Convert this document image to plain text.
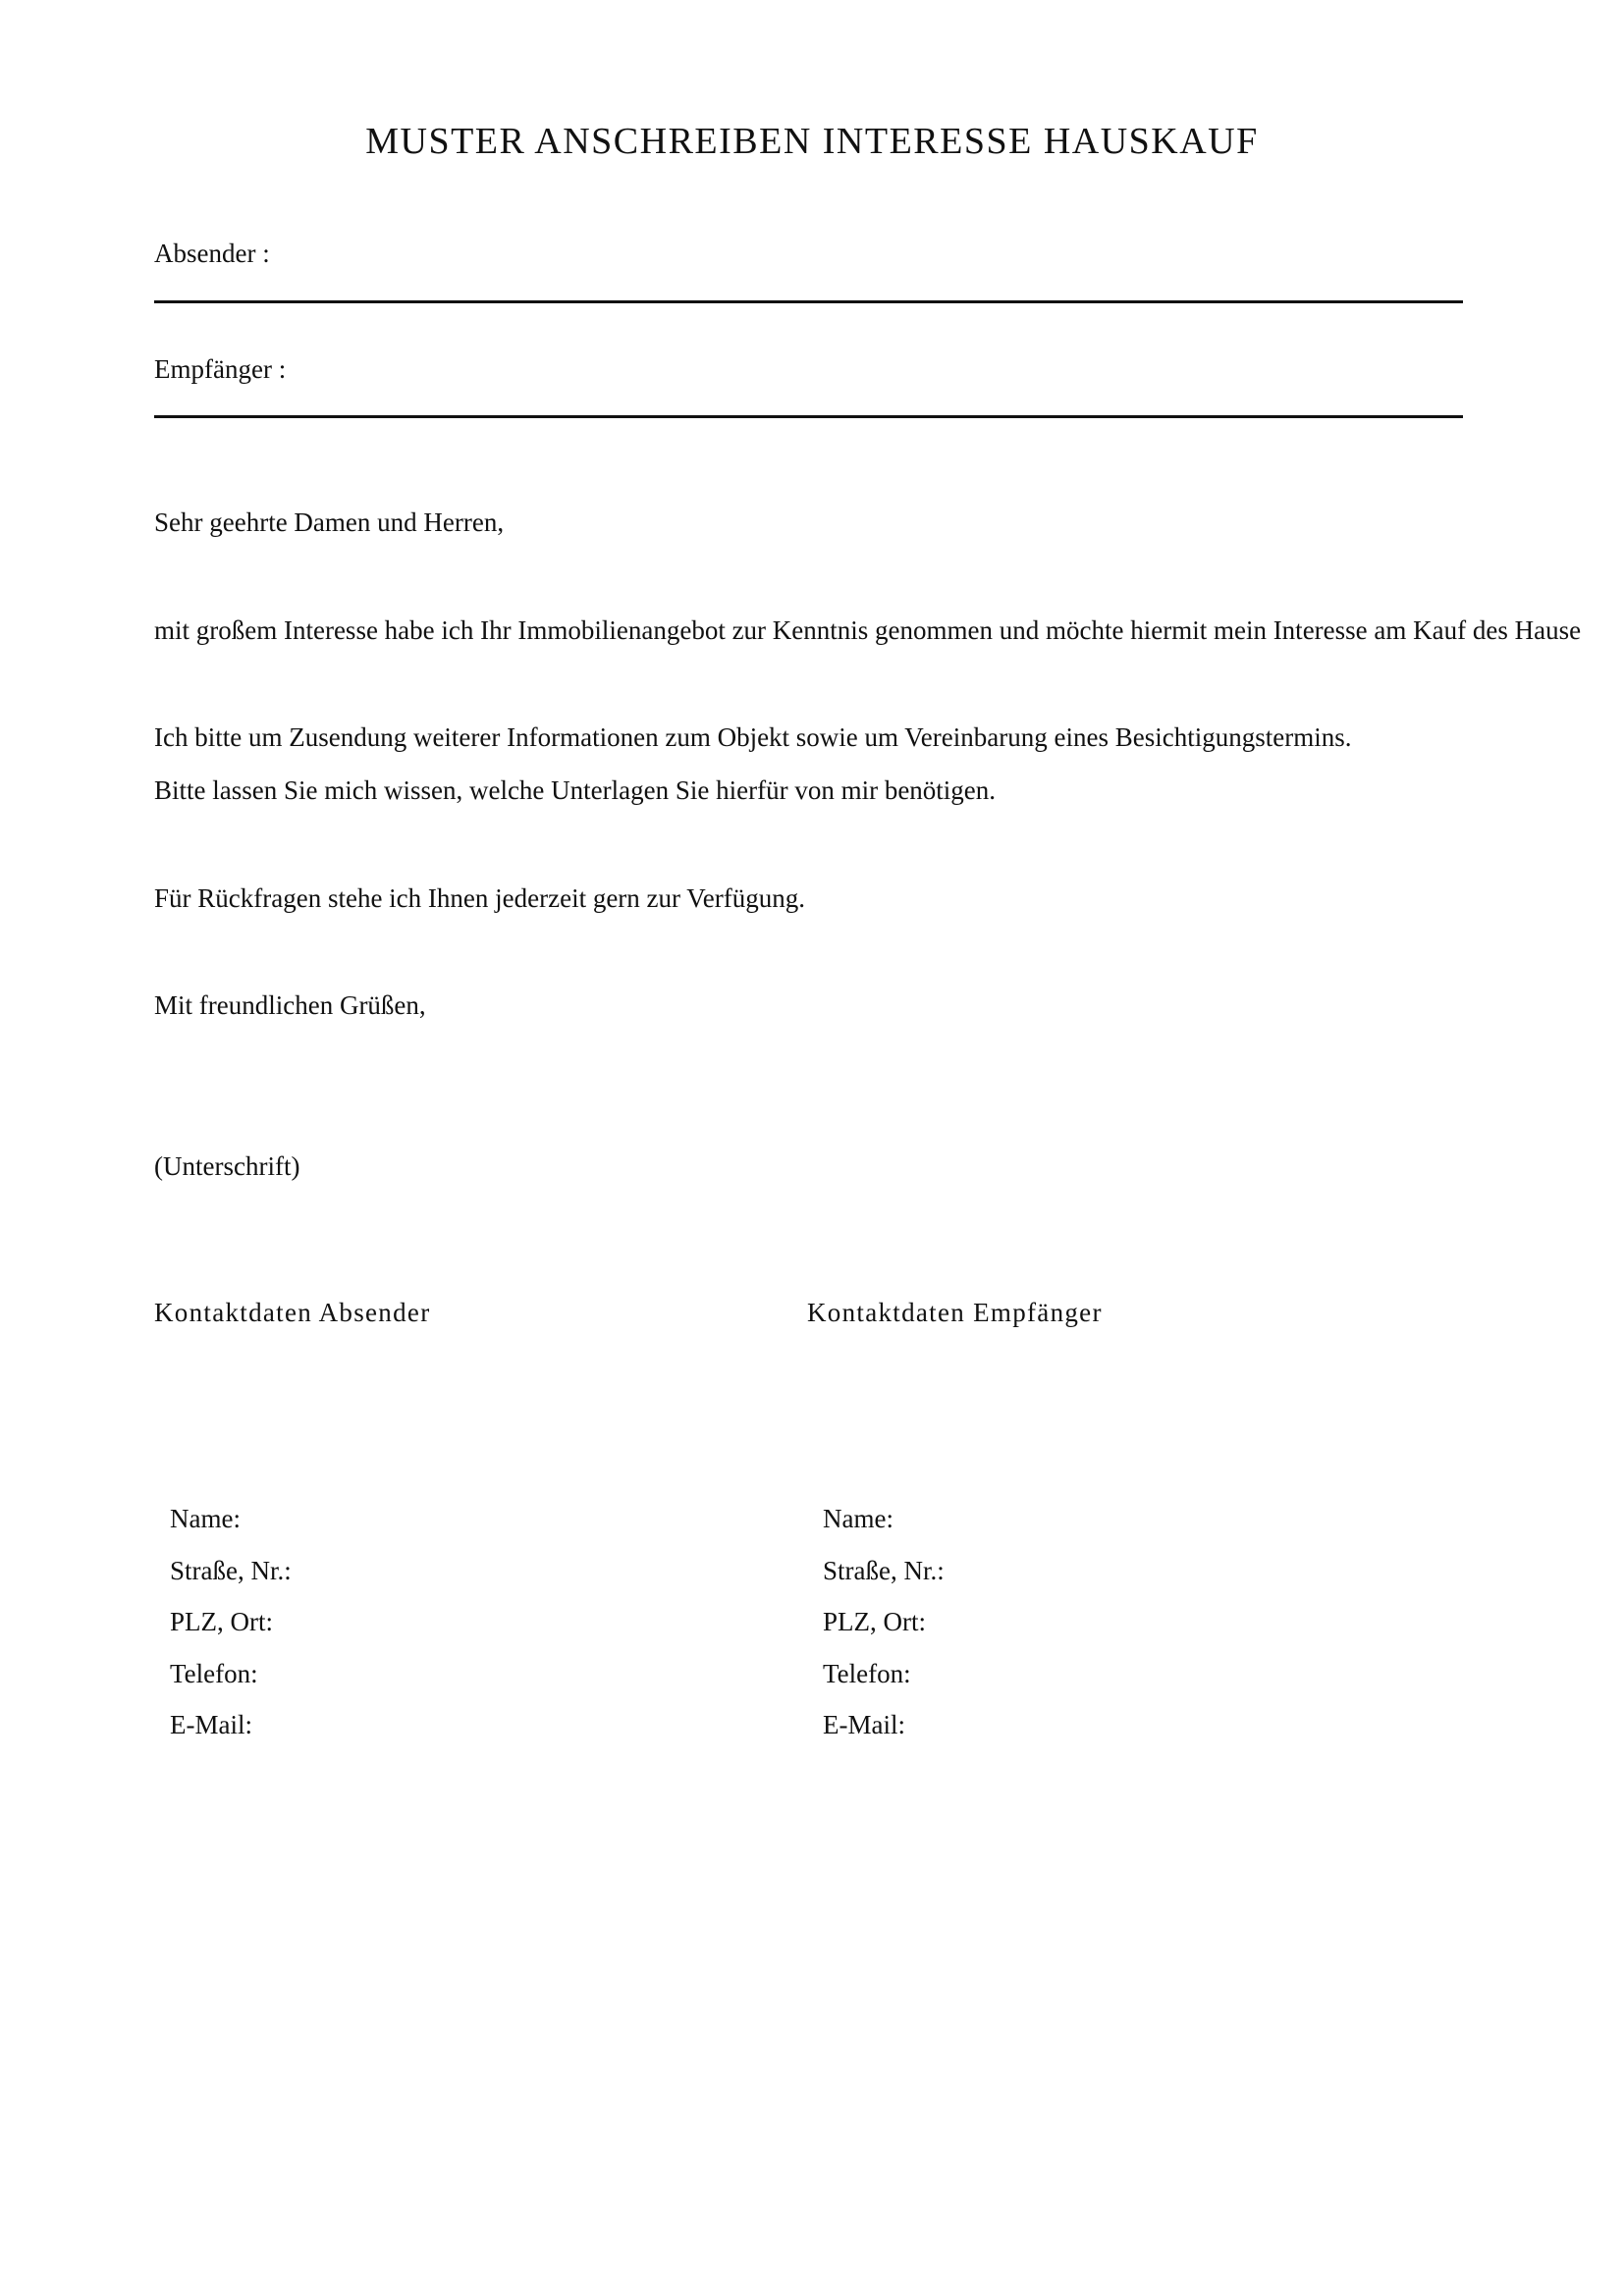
MUSTER ANSCHREIBEN INTERESSE HAUSKAUF
Absender :
Empfänger :
Sehr geehrte Damen und Herren,
mit großem Interesse habe ich Ihr Immobilienangebot zur Kenntnis genommen und möchte hiermit mein Interesse am Kauf des Hause
Ich bitte um Zusendung weiterer Informationen zum Objekt sowie um Vereinbarung eines Besichtigungstermins.
Bitte lassen Sie mich wissen, welche Unterlagen Sie hierfür von mir benötigen.
Für Rückfragen stehe ich Ihnen jederzeit gern zur Verfügung.
Mit freundlichen Grüßen,
(Unterschrift)
Kontaktdaten Absender	Kontaktdaten Empfänger
Name:
Straße, Nr.:
PLZ, Ort:
Telefon:
E-Mail:
Name:
Straße, Nr.:
PLZ, Ort:
Telefon:
E-Mail:
